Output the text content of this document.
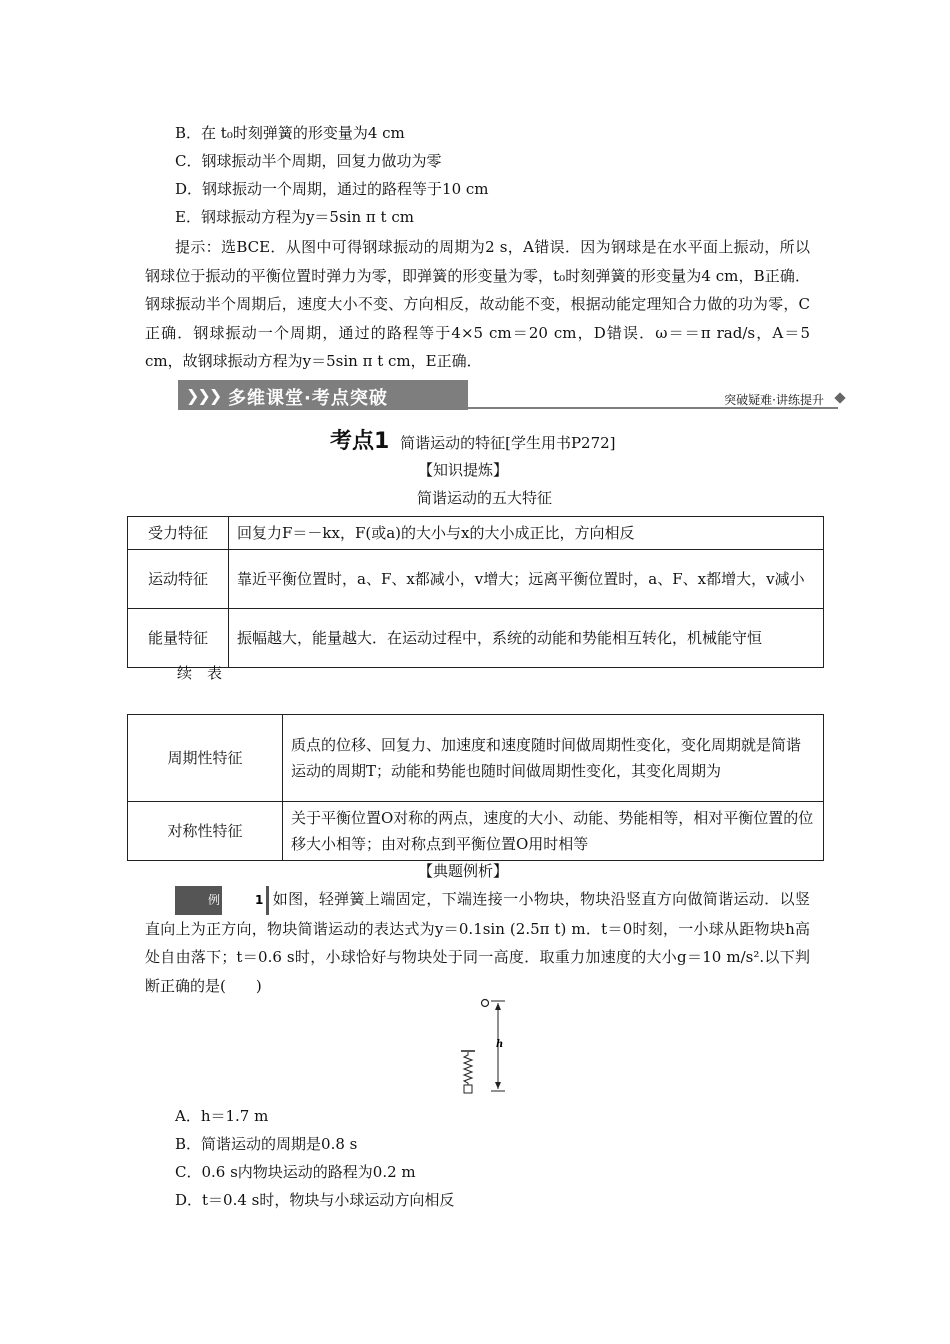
B．在 t₀时刻弹簧的形变量为4 cm
C．钢球振动半个周期，回复力做功为零
D．钢球振动一个周期，通过的路程等于10 cm
E．钢球振动方程为y＝5sin π t cm
提示：选BCE．从图中可得钢球振动的周期为2 s，A错误．因为钢球是在水平面上振动，所以钢球位于振动的平衡位置时弹力为零，即弹簧的形变量为零，t₀时刻弹簧的形变量为4 cm，B正确．钢球振动半个周期后，速度大小不变、方向相反，故动能不变，根据动能定理知合力做的功为零，C正确．钢球振动一个周期，通过的路程等于4×5 cm＝20 cm，D错误．ω＝＝π rad/s，A＝5 cm，故钢球振动方程为y＝5sin π t cm，E正确．
❯❯❯ 多维课堂·考点突破	突破疑难·讲练提升
考点1 简谐运动的特征[学生用书P272]
【知识提炼】
简谐运动的五大特征
受力特征	回复力F＝－kx，F(或a)的大小与x的大小成正比，方向相反
运动特征	靠近平衡位置时，a、F、x都减小，v增大；远离平衡位置时，a、F、x都增大，v减小
能量特征	振幅越大，能量越大．在运动过程中，系统的动能和势能相互转化，机械能守恒
续　表
周期性特征	质点的位移、回复力、加速度和速度随时间做周期性变化，变化周期就是简谐运动的周期T；动能和势能也随时间做周期性变化，其变化周期为
对称性特征	关于平衡位置O对称的两点，速度的大小、动能、势能相等，相对平衡位置的位移大小相等；由对称点到平衡位置O用时相等
【典题例析】
例	1 如图，轻弹簧上端固定，下端连接一小物块，物块沿竖直方向做简谐运动．以竖直向上为正方向，物块简谐运动的表达式为y＝0.1sin (2.5π t) m．t＝0时刻，一小球从距物块h高处自由落下；t＝0.6 s时，小球恰好与物块处于同一高度．取重力加速度的大小g＝10 m/s².以下判断正确的是(　　)
h
A．h＝1.7 m
B．简谐运动的周期是0.8 s
C．0.6 s内物块运动的路程为0.2 m
D．t＝0.4 s时，物块与小球运动方向相反
